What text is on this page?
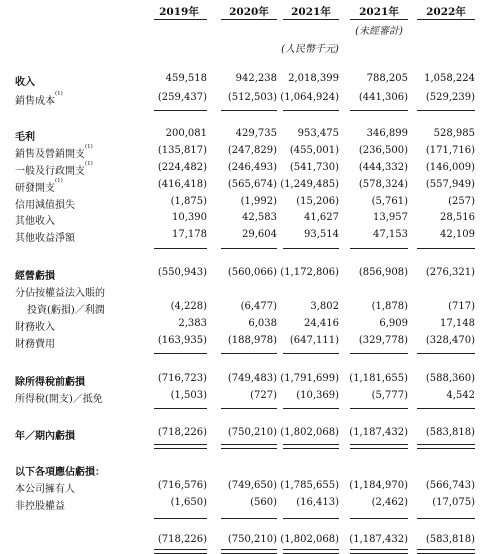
2019年	2020年	2021年	2021年	2022年
(未經審計)
(人民幣千元)
收入	459,518	942,238	2,018,399	788,205	1,058,224
銷售成本$^{(1)}$	(259,437)	(512,503) (1,064,924)	(441,306)	(529,239)
毛利	200,081	429,735	953,475	346,899	528,985
銷售及營銷開支$^{(1)}$	(135,817)	(247,829)	(455,001)	(236,500)	(171,716)
一般及行政開支$^{(1)}$	(224,482)	(246,493)	(541,730)	(444,332)	(146,009)
研發開支$^{(1)}$	(416,418)	(565,674) (1,249,485)	(578,324)	(557,949)
信用減值損失	(1,875)	(1,992)	(15,206)	(5,761)	(257)
其他收入	10,390	42,583	41,627	13,957	28,516
其他收益淨額	17,178	29,604	93,514	47,153	42,109
經營虧損	(550,943)	(560,066) (1,172,806)	(856,908)	(276,321)
分佔按權益法入賬的
投資(虧損)／利潤	(4,228)	(6,477)	3,802	(1,878)	(717)
財務收入	2,383	6,038	24,416	6,909	17,148
財務費用	(163,935)	(188,978)	(647,111)	(329,778)	(328,470)
除所得稅前虧損	(716,723)	(749,483) (1,791,699)	(1,181,655)	(588,360)
所得稅(開支)／抵免	(1,503)	(727)	(10,369)	(5,777)	4,542
年／期內虧損	(718,226)	(750,210) (1,802,068)	(1,187,432)	(583,818)
以下各項應佔虧損：
本公司擁有人	(716,576)	(749,650) (1,785,655)	(1,184,970)	(566,743)
非控股權益	(1,650)	(560)	(16,413)	(2,462)	(17,075)
(718,226)	(750,210) (1,802,068)	(1,187,432)	(583,818)
